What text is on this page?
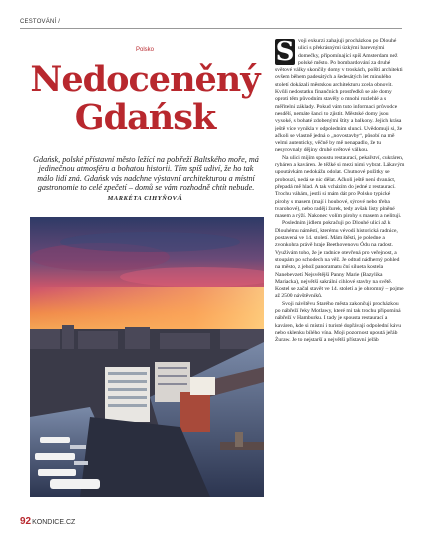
CESTOVÁNÍ /
Polsko
Nedoceněný
Gdańsk
Gdańsk, polské přístavní město ležící na pobřeží Baltského moře, má jedinečnou atmosféru a bohatou historii. Tím spíš udiví, že ho tak málo lidí zná. Gdańsk vás nadchne výstavní architekturou a místní gastronomie to celé zpečetí – domů se vám rozhodně chtít nebude.
MARKÉTA CIHYŇOVÁ

S voji exkurzi zahajuji procházkou po Dlouhé ulici s překrásnými úzkými barevnými domečky, připomínající spíš Amsterdam než polské město. Po bombardování za druhé světové války skončily domy v troskách, polští architekti ovšem během padesátých a šedesátých let minulého století dokázali městskou architekturu zcela obnovit. Kvůli nedostatku finančních prostředků se ale domy oproti těm původním stavěly o mnohi rozlehlé a s měřitelní základy. Pokud vám tuto informaci průvodce nesdělí, nemáte šanci to zjistit. Městské domy jsou vysoké, s bohaté zdobenými štíty a balkony. Jejich krása ještě více vynikla v odpoledním slunci. Uvědomuji si, že ačkoli se vlastně jedná o „novostavby“, působí na mě velmi autenticky, věčně by mě nenapadlo, že tu nesyrovnaly dějiny druhé světové válkou.

Na ulici mijím spoustu restaurací, pekařství, cukráren, rybáren a kaváren. Je těžké si mezi nimi vybrat. Lákavým upoutávkám nedokážu odolat. Chutnové požitky se probouzí, nedá se nic dělat. Ačkoli ještě není dvanáct, přepadá mě hlad. A tak vcházím do jedné z restaurací. Trochu váhám, jestli si mám dát pro Polsko typické pirohy s masem (mají i houbové, sýrové nebo třeba tvarohové), nebo raději žurek, tedy avšak listy plněné masem a rýží. Nakonec volím pirohy s masem a nelituji.

Posledním jídlem pokračuji po Dlouhé ulici až k Dlouhému náměstí, kterému vévodí historická radnice, postavená ve 14. století. Mám štěstí, je poledne a zvonkohra právě hraje Beethovenovu Ódu na radost. Využívám toho, že je radnice otevřená pro veřejnost, a stoupám po schodech na věž. Je odtud nádherný pohled na město, z jehož panoramatu ční silueta kostela Nanebevzetí Nejsvětější Panny Marie (Bazylika Mariacka), největší sakrální cihlové stavby na světě. Kostel se začal stavět ve 14. století a je ohromný – pojme až 2500 návštěvníků.

Svoji návštěvu Starého města zakončuji procházkou po nábřeží řeky Motlawy, které mi tak trochu připomíná nábřeží v Hamburku. I tady je spousta restaurací a kaváren, kde si místní i turisté dopřávají odpolední kávu nebo sklenku bílého vína. Moji pozornost upoutá jeřáb Żuraw. Je to nejstarší a největší přístavní jeřáb

92KONDICE.CZ
